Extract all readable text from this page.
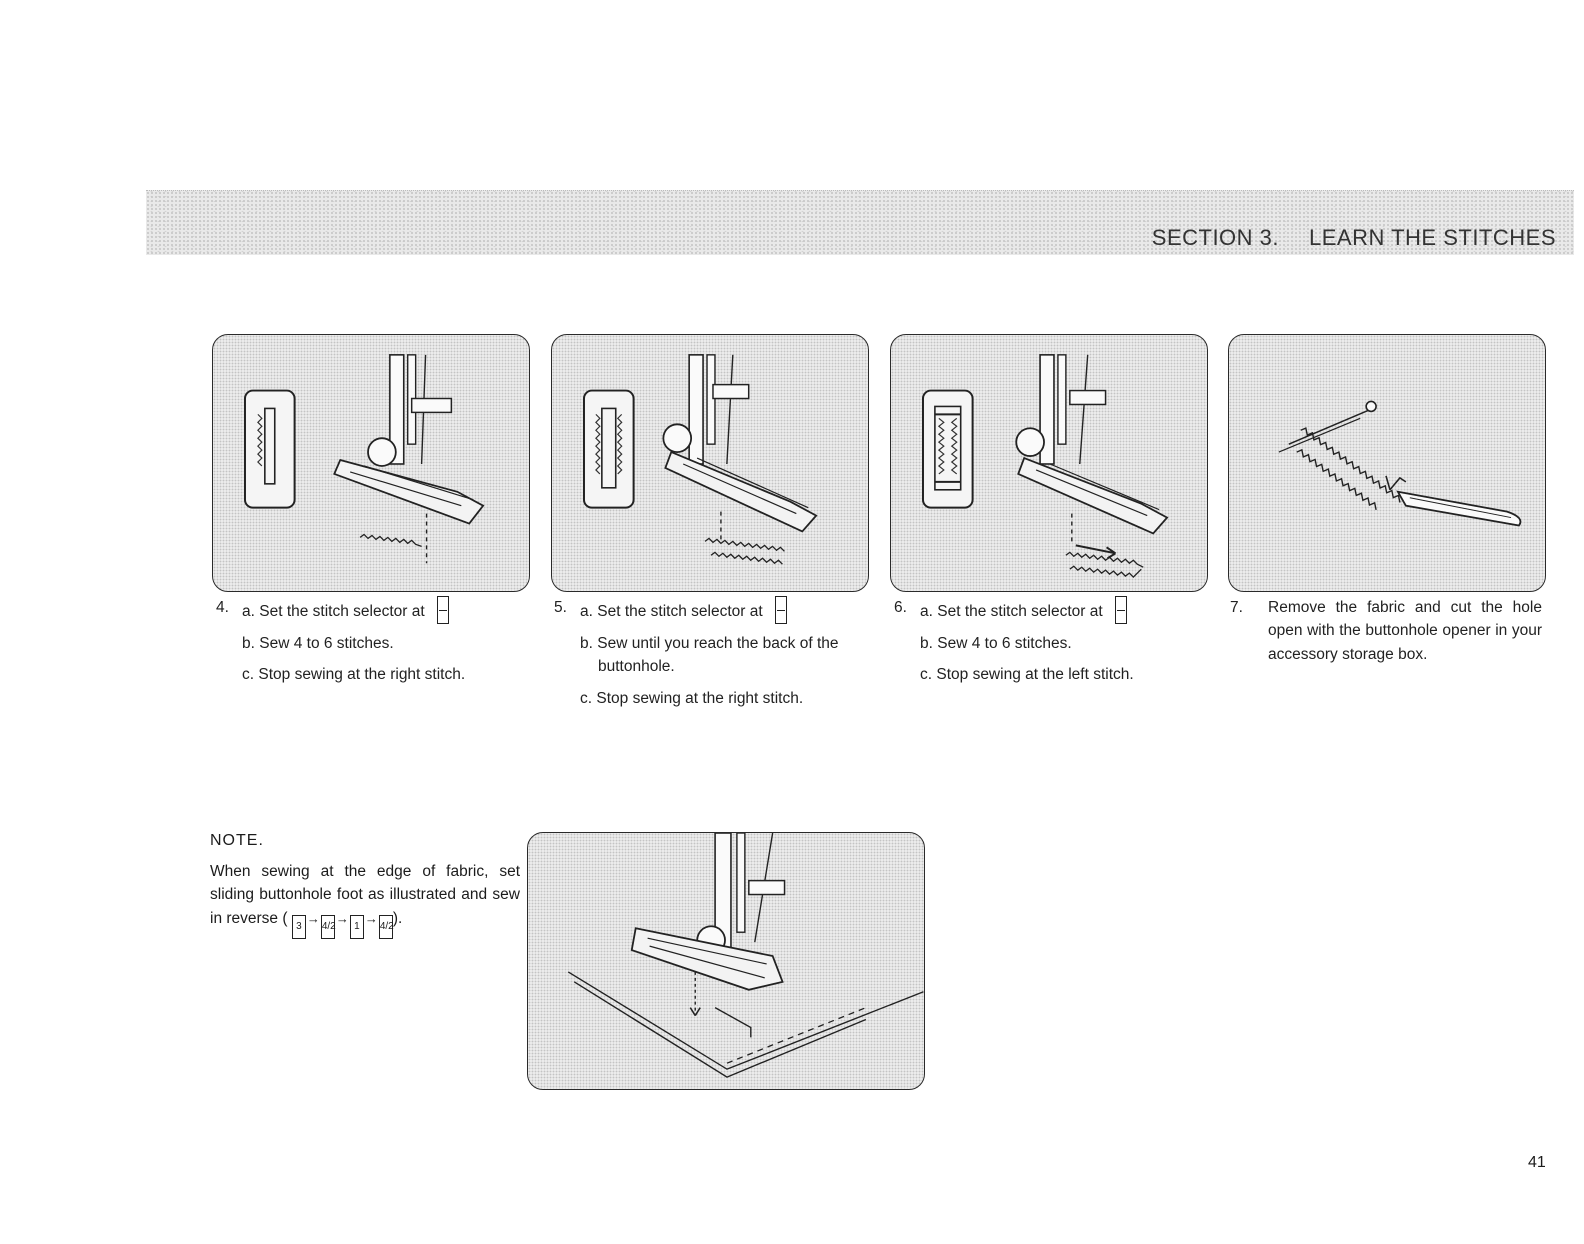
SECTION 3. LEARN THE STITCHES
4. a. Set the stitch selector at
b. Sew 4 to 6 stitches.
c. Stop sewing at the right stitch.
5. a. Set the stitch selector at
b. Sew until you reach the back of the buttonhole.
c. Stop sewing at the right stitch.
6. a. Set the stitch selector at
b. Sew 4 to 6 stitches.
c. Stop sewing at the left stitch.
7. Remove the fabric and cut the hole open with the buttonhole opener in your accessory storage box.
NOTE.
When sewing at the edge of fabric, set sliding buttonhole foot as illustrated and sew in reverse ( 3→4/2→1→4/2).

41
